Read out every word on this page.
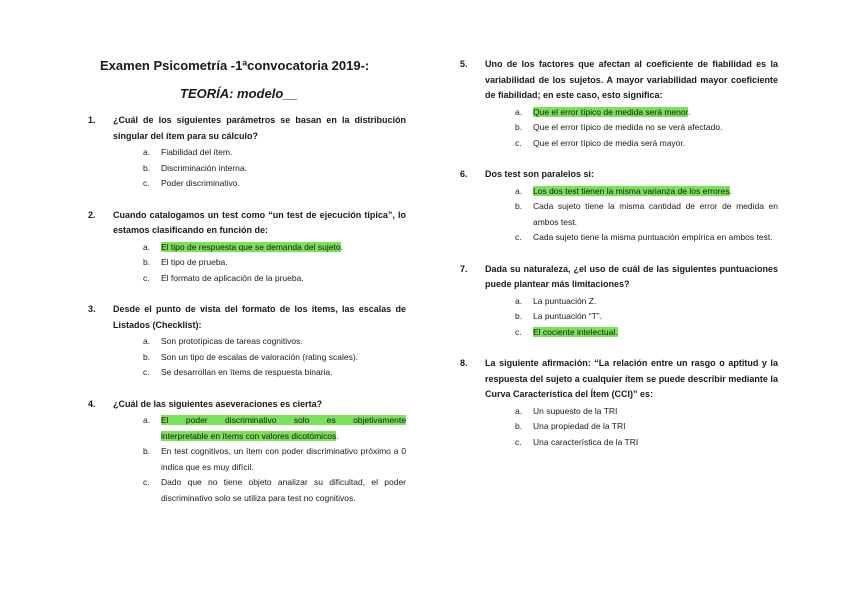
Examen Psicometría -1ªconvocatoria 2019-:
TEORÍA: modelo__
1. ¿Cuál de los siguientes parámetros se basan en la distribución singular del ítem para su cálculo?
a. Fiabilidad del ítem.
b. Discriminación interna.
c. Poder discriminativo.
2. Cuando catalogamos un test como “un test de ejecución típica”, lo estamos clasificando en función de:
a. El tipo de respuesta que se demanda del sujeto.
b. El tipo de prueba.
c. El formato de aplicación de la prueba.
3. Desde el punto de vista del formato de los ítems, las escalas de Listados (Checklist):
a. Son prototípicas de tareas cognitivos.
b. Son un tipo de escalas de valoración (rating scales).
c. Se desarrollan en ítems de respuesta binaria.
4. ¿Cuál de las siguientes aseveraciones es cierta?
a. El poder discriminativo solo es objetivamente
interpretable en ítems con valores dicotómicos.
b. En test cognitivos, un ítem con poder discriminativo próximo a 0 indica que es muy difícil.
c. Dado que no tiene objeto analizar su dificultad, el poder discriminativo solo se utiliza para test no cognitivos.
5. Uno de los factores que afectan al coeficiente de fiabilidad es la variabilidad de los sujetos. A mayor variabilidad mayor coeficiente de fiabilidad; en este caso, esto significa:
a. Que el error típico de medida será menor.
b. Que el error típico de medida no se verá afectado.
c. Que el error típico de media será mayor.
6. Dos test son paralelos si:
a. Los dos test tienen la misma varianza de los errores.
b. Cada sujeto tiene la misma cantidad de error de medida en ambos test.
c. Cada sujeto tiene la misma puntuación empírica en ambos test.
7. Dada su naturaleza, ¿el uso de cuál de las siguientes puntuaciones puede plantear más limitaciones?
a. La puntuación Z.
b. La puntuación “T”.
c. El cociente intelectual.
8. La siguiente afirmación: “La relación entre un rasgo o aptitud y la respuesta del sujeto a cualquier ítem se puede describir mediante la Curva Característica del Ítem (CCI)” es:
a. Un supuesto de la TRI
b. Una propiedad de la TRI
c. Una característica de la TRI
